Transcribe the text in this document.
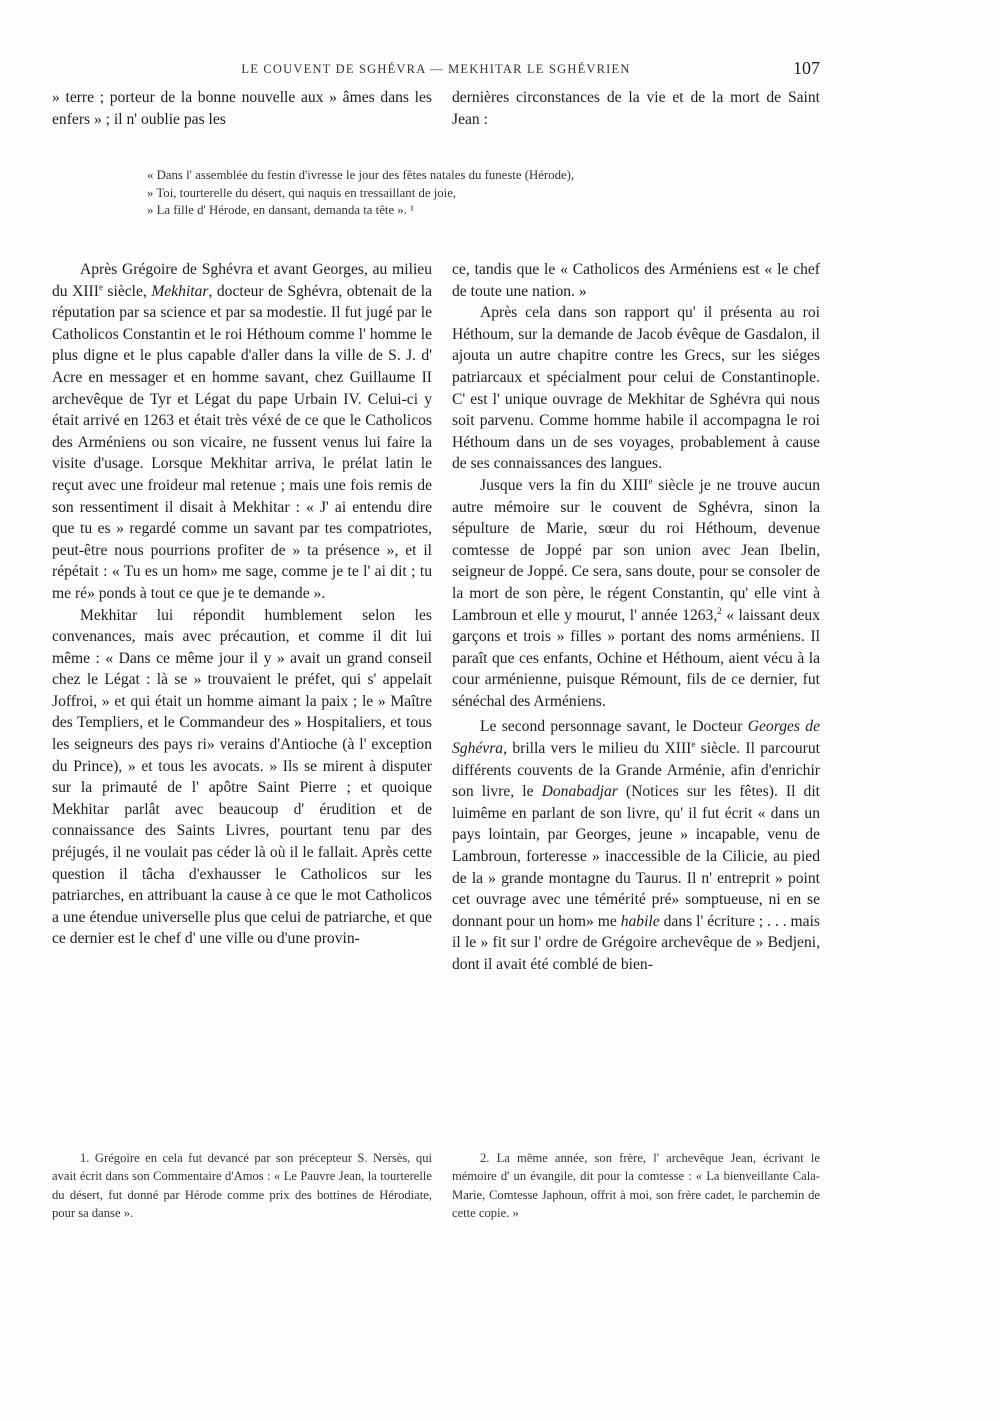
LE COUVENT DE SGHÉVRA — MEKHITAR LE SGHÉVRIEN	107

» terre ; porteur de la bonne nouvelle aux » âmes dans les enfers » ; il n' oublie pas les

dernières circonstances de la vie et de la mort de Saint Jean :

« Dans l' assemblée du festin d'ivresse le jour des fêtes natales du funeste (Hérode),
» Toi, tourterelle du désert, qui naquis en tressaillant de joie,
» La fille d' Hérode, en dansant, demanda ta tête ». ¹

Après Grégoire de Sghévra et avant Georges, au milieu du XIIIe siècle, Mekhitar, docteur de Sghévra, obtenait de la réputation par sa science et par sa modestie. Il fut jugé par le Catholicos Constantin et le roi Héthoum comme l' homme le plus digne et le plus capable d'aller dans la ville de S. J. d' Acre en messager et en homme savant, chez Guillaume II archevêque de Tyr et Légat du pape Urbain IV. Celui-ci y était arrivé en 1263 et était très véxé de ce que le Catholicos des Arméniens ou son vicaire, ne fussent venus lui faire la visite d'usage. Lorsque Mekhitar arriva, le prélat latin le reçut avec une froideur mal retenue ; mais une fois remis de son ressentiment il disait à Mekhitar : « J' ai entendu dire que tu es » regardé comme un savant par tes compatriotes, peut-être nous pourrions profiter de » ta présence », et il répétait : « Tu es un hom» me sage, comme je te l' ai dit ; tu me ré» ponds à tout ce que je te demande ».

Mekhitar lui répondit humblement selon les convenances, mais avec précaution, et comme il dit lui même : « Dans ce même jour il y » avait un grand conseil chez le Légat : là se » trouvaient le préfet, qui s' appelait Joffroi, » et qui était un homme aimant la paix ; le » Maître des Templiers, et le Commandeur des » Hospitaliers, et tous les seigneurs des pays ri» verains d'Antioche (à l' exception du Prince), » et tous les avocats. » Ils se mirent à disputer sur la primauté de l' apôtre Saint Pierre ; et quoique Mekhitar parlât avec beaucoup d' érudition et de connaissance des Saints Livres, pourtant tenu par des préjugés, il ne voulait pas céder là où il le fallait. Après cette question il tâcha d'exhausser le Catholicos sur les patriarches, en attribuant la cause à ce que le mot Catholicos a une étendue universelle plus que celui de patriarche, et que ce dernier est le chef d' une ville ou d'une provin-

ce, tandis que le « Catholicos des Arméniens est « le chef de toute une nation. »

Après cela dans son rapport qu' il présenta au roi Héthoum, sur la demande de Jacob évêque de Gasdalon, il ajouta un autre chapitre contre les Grecs, sur les siéges patriarcaux et spécialment pour celui de Constantinople. C' est l' unique ouvrage de Mekhitar de Sghévra qui nous soit parvenu. Comme homme habile il accompagna le roi Héthoum dans un de ses voyages, probablement à cause de ses connaissances des langues.

Jusque vers la fin du XIIIe siècle je ne trouve aucun autre mémoire sur le couvent de Sghévra, sinon la sépulture de Marie, sœur du roi Héthoum, devenue comtesse de Joppé par son union avec Jean Ibelin, seigneur de Joppé. Ce sera, sans doute, pour se consoler de la mort de son père, le régent Constantin, qu' elle vint à Lambroun et elle y mourut, l' année 1263,$^2$ « laissant deux garçons et trois » filles » portant des noms arméniens. Il paraît que ces enfants, Ochine et Héthoum, aient vécu à la cour arménienne, puisque Rémount, fils de ce dernier, fut sénéchal des Arméniens.

Le second personnage savant, le Docteur Georges de Sghévra, brilla vers le milieu du XIIIe siècle. Il parcourut différents couvents de la Grande Arménie, afin d'enrichir son livre, le Donabadjar (Notices sur les fêtes). Il dit luimême en parlant de son livre, qu' il fut écrit « dans un pays lointain, par Georges, jeune » incapable, venu de Lambroun, forteresse » inaccessible de la Cilicie, au pied de la » grande montagne du Taurus. Il n' entreprit » point cet ouvrage avec une témérité pré» somptueuse, ni en se donnant pour un hom» me habile dans l' écriture ; . . . mais il le » fit sur l' ordre de Grégoire archevêque de » Bedjeni, dont il avait été comblé de bien-

1. Grégoire en cela fut devancé par son précepteur S. Nersès, qui avait écrit dans son Commentaire d'Amos : « Le Pauvre Jean, la tourterelle du désert, fut donné par Hérode comme prix des bottines de Hérodiate, pour sa danse ».

2. La même année, son frère, l' archevêque Jean, écrivant le mémoire d' un évangile, dit pour la comtesse : « La bienveillante Cala-Marie, Comtesse Japhoun, offrit à moi, son frère cadet, le parchemin de cette copie. »
